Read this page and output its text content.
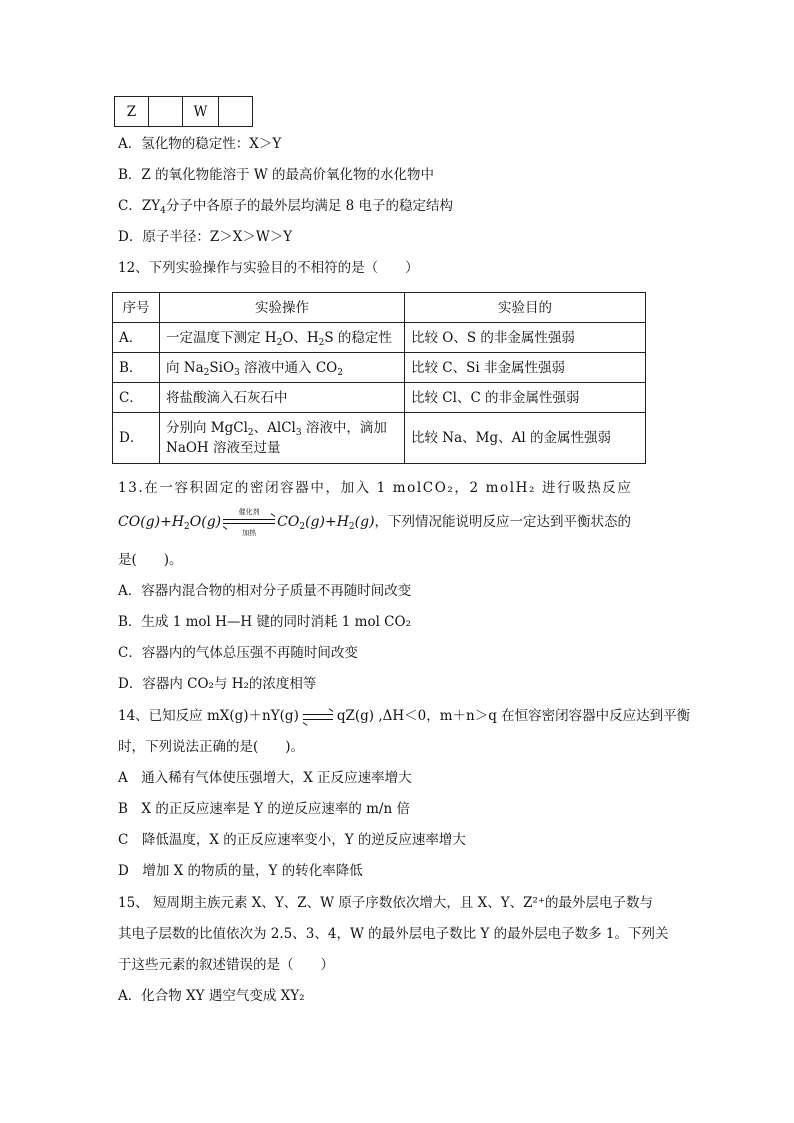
Z		W	
A．氢化物的稳定性：X＞Y
B．Z 的氧化物能溶于 W 的最高价氧化物的水化物中
C．$ZY_4$分子中各原子的最外层均满足 8 电子的稳定结构
D．原子半径：Z＞X＞W＞Y
12、下列实验操作与实验目的不相符的是（　　）
序号	实验操作	实验目的
A．	一定温度下测定 $H_2O$、$H_2S$ 的稳定性	比较 O、S 的非金属性强弱
B．	向 $Na_2SiO_3$ 溶液中通入 $CO_2$	比较 C、Si 非金属性强弱
C．	将盐酸滴入石灰石中	比较 Cl、C 的非金属性强弱
D．	分别向 MgCl$_2$、AlCl$_3$ 溶液中，滴加
NaOH 溶液至过量	比较 Na、Mg、Al 的金属性强弱
13.在一容积固定的密闭容器中，加入 1 molCO₂，2 molH₂ 进行吸热反应
$CO(g)+H_2O(g)$
催化剂
加热
$CO_2(g)+H_2(g)$，下列情况能说明反应一定达到平衡状态的
是(　　)。
A．容器内混合物的相对分子质量不再随时间改变
B．生成 1 mol H—H 键的同时消耗 1 mol CO₂
C．容器内的气体总压强不再随时间改变
D．容器内 CO₂与 H₂的浓度相等
14、已知反应 mX(g)＋nY(g) ⇌ qZ(g) ,ΔH＜0，m＋n＞q 在恒容密闭容器中反应达到平衡
时，下列说法正确的是(　　)。
A　通入稀有气体使压强增大，X 正反应速率增大
B　X 的正反应速率是 Y 的逆反应速率的 m/n 倍
C　降低温度，X 的正反应速率变小，Y 的逆反应速率增大
D　增加 X 的物质的量，Y 的转化率降低
15、 短周期主族元素 X、Y、Z、W 原子序数依次增大，且 X、Y、Z²⁺的最外层电子数与
其电子层数的比值依次为 2.5、3、4，W 的最外层电子数比 Y 的最外层电子数多 1。下列关
于这些元素的叙述错误的是（　　）
A．化合物 XY 遇空气变成 XY₂
